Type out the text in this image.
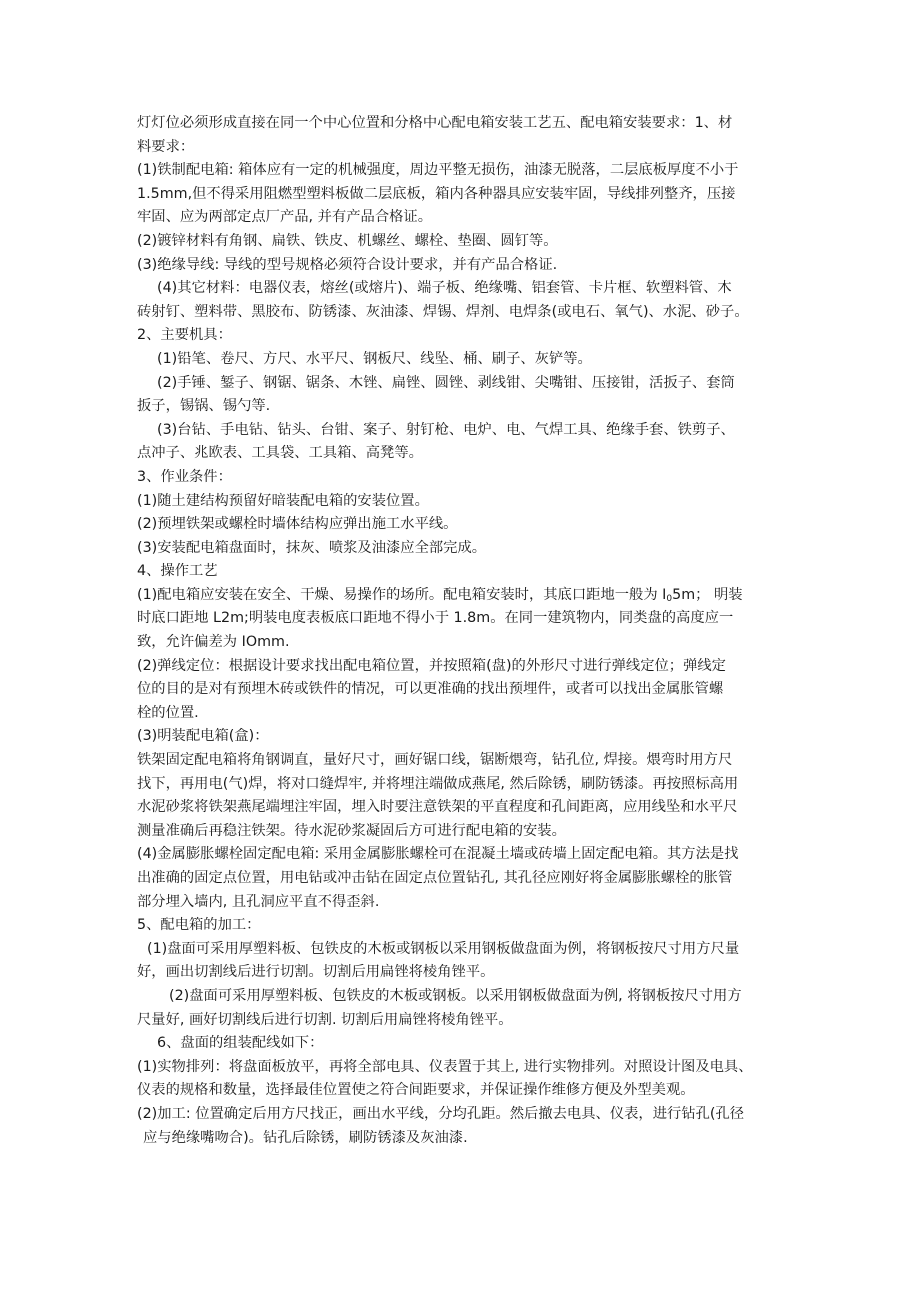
灯灯位必须形成直接在同一个中心位置和分格中心配电箱安装工艺五、配电箱安装要求：1、材
料要求：
(1)铁制配电箱: 箱体应有一定的机械强度，周边平整无损伤，油漆无脱落，二层底板厚度不小于
1.5mm,但不得采用阻燃型塑料板做二层底板，箱内各种器具应安装牢固，导线排列整齐，压接
牢固、应为两部定点厂产品, 并有产品合格证。
(2)镀锌材料有角钢、扁铁、铁皮、机螺丝、螺栓、垫圈、圆钉等。
(3)绝缘导线: 导线的型号规格必须符合设计要求，并有产品合格证.
(4)其它材料：电器仪表，熔丝(或熔片)、端子板、绝缘嘴、铝套管、卡片框、软塑料管、木
砖射钉、塑料带、黑胶布、防锈漆、灰油漆、焊锡、焊剂、电焊条(或电石、氧气)、水泥、砂子。
2、主要机具：
(1)铅笔、卷尺、方尺、水平尺、钢板尺、线坠、桶、刷子、灰铲等。
(2)手锤、錾子、钢锯、锯条、木锉、扁锉、圆锉、剥线钳、尖嘴钳、压接钳，活扳子、套筒
扳子，锡锅、锡勺等.
(3)台钻、手电钻、钻头、台钳、案子、射钉枪、电炉、电、气焊工具、绝缘手套、铁剪子、
点冲子、兆欧表、工具袋、工具箱、高凳等。
3、作业条件：
(1)随土建结构预留好暗装配电箱的安装位置。
(2)预埋铁架或螺栓时墙体结构应弹出施工水平线。
(3)安装配电箱盘面时，抹灰、喷浆及油漆应全部完成。
4、操作工艺
(1)配电箱应安装在安全、干燥、易操作的场所。配电箱安装时，其底口距地一般为 $I_05m$； 明装
时底口距地 L2m;明装电度表板底口距地不得小于 1.8m。在同一建筑物内，同类盘的高度应一
致，允许偏差为 IOmm.
(2)弹线定位：根据设计要求找出配电箱位置，并按照箱(盘)的外形尺寸进行弹线定位；弹线定
位的目的是对有预埋木砖或铁件的情况，可以更准确的找出预埋件，或者可以找出金属胀管螺
栓的位置.
(3)明装配电箱(盒)：
铁架固定配电箱将角钢调直，量好尺寸，画好锯口线，锯断煨弯，钻孔位, 焊接。煨弯时用方尺
找下，再用电(气)焊，将对口缝焊牢, 并将埋注端做成燕尾, 然后除锈，刷防锈漆。再按照标高用
水泥砂浆将铁架燕尾端埋注牢固，埋入时要注意铁架的平直程度和孔间距离，应用线坠和水平尺
测量准确后再稳注铁架。待水泥砂浆凝固后方可进行配电箱的安装。
(4)金属膨胀螺栓固定配电箱: 采用金属膨胀螺栓可在混凝土墙或砖墙上固定配电箱。其方法是找
出准确的固定点位置，用电钻或冲击钻在固定点位置钻孔, 其孔径应刚好将金属膨胀螺栓的胀管
部分埋入墙内, 且孔洞应平直不得歪斜.
5、配电箱的加工：
(1)盘面可采用厚塑料板、包铁皮的木板或钢板以采用钢板做盘面为例，将钢板按尺寸用方尺量
好，画出切割线后进行切割。切割后用扁锉将棱角锉平。
(2)盘面可采用厚塑料板、包铁皮的木板或钢板。以采用钢板做盘面为例, 将钢板按尺寸用方
尺量好, 画好切割线后进行切割. 切割后用扁锉将棱角锉平。
6、盘面的组装配线如下：
(1)实物排列：将盘面板放平，再将全部电具、仪表置于其上, 进行实物排列。对照设计图及电具、
仪表的规格和数量，选择最佳位置使之符合间距要求，并保证操作维修方便及外型美观。
(2)加工: 位置确定后用方尺找正，画出水平线，分均孔距。然后撤去电具、仪表，进行钻孔(孔径
应与绝缘嘴吻合)。钻孔后除锈，刷防锈漆及灰油漆.
